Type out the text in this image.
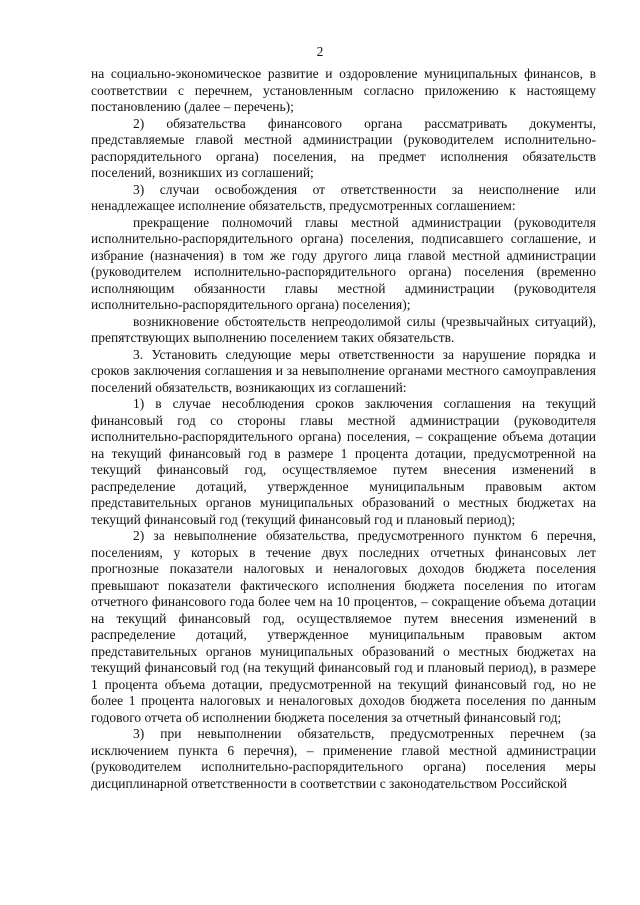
2

на социально-экономическое развитие и оздоровление муниципальных финансов, в соответствии с перечнем, установленным согласно приложению к настоящему постановлению (далее – перечень);

2) обязательства финансового органа рассматривать документы, представляемые главой местной администрации (руководителем исполнительно-распорядительного органа) поселения, на предмет исполнения обязательств поселений, возникших из соглашений;

3) случаи освобождения от ответственности за неисполнение или ненадлежащее исполнение обязательств, предусмотренных соглашением:

прекращение полномочий главы местной администрации (руководителя исполнительно-распорядительного органа) поселения, подписавшего соглашение, и избрание (назначения) в том же году другого лица главой местной администрации (руководителем исполнительно-распорядительного органа) поселения (временно исполняющим обязанности главы местной администрации (руководителя исполнительно-распорядительного органа) поселения);

возникновение обстоятельств непреодолимой силы (чрезвычайных ситуаций), препятствующих выполнению поселением таких обязательств.

3. Установить следующие меры ответственности за нарушение порядка и сроков заключения соглашения и за невыполнение органами местного самоуправления поселений обязательств, возникающих из соглашений:

1) в случае несоблюдения сроков заключения соглашения на текущий финансовый год со стороны главы местной администрации (руководителя исполнительно-распорядительного органа) поселения, – сокращение объема дотации на текущий финансовый год в размере 1 процента дотации, предусмотренной на текущий финансовый год, осуществляемое путем внесения изменений в распределение дотаций, утвержденное муниципальным правовым актом представительных органов муниципальных образований о местных бюджетах на текущий финансовый год (текущий финансовый год и плановый период);

2) за невыполнение обязательства, предусмотренного пунктом 6 перечня, поселениям, у которых в течение двух последних отчетных финансовых лет прогнозные показатели налоговых и неналоговых доходов бюджета поселения превышают показатели фактического исполнения бюджета поселения по итогам отчетного финансового года более чем на 10 процентов, – сокращение объема дотации на текущий финансовый год, осуществляемое путем внесения изменений в распределение дотаций, утвержденное муниципальным правовым актом представительных органов муниципальных образований о местных бюджетах на текущий финансовый год (на текущий финансовый год и плановый период), в размере 1 процента объема дотации, предусмотренной на текущий финансовый год, но не более 1 процента налоговых и неналоговых доходов бюджета поселения по данным годового отчета об исполнении бюджета поселения за отчетный финансовый год;

3) при невыполнении обязательств, предусмотренных перечнем (за исключением пункта 6 перечня), – применение главой местной администрации (руководителем исполнительно-распорядительного органа) поселения меры дисциплинарной ответственности в соответствии с законодательством Российской
